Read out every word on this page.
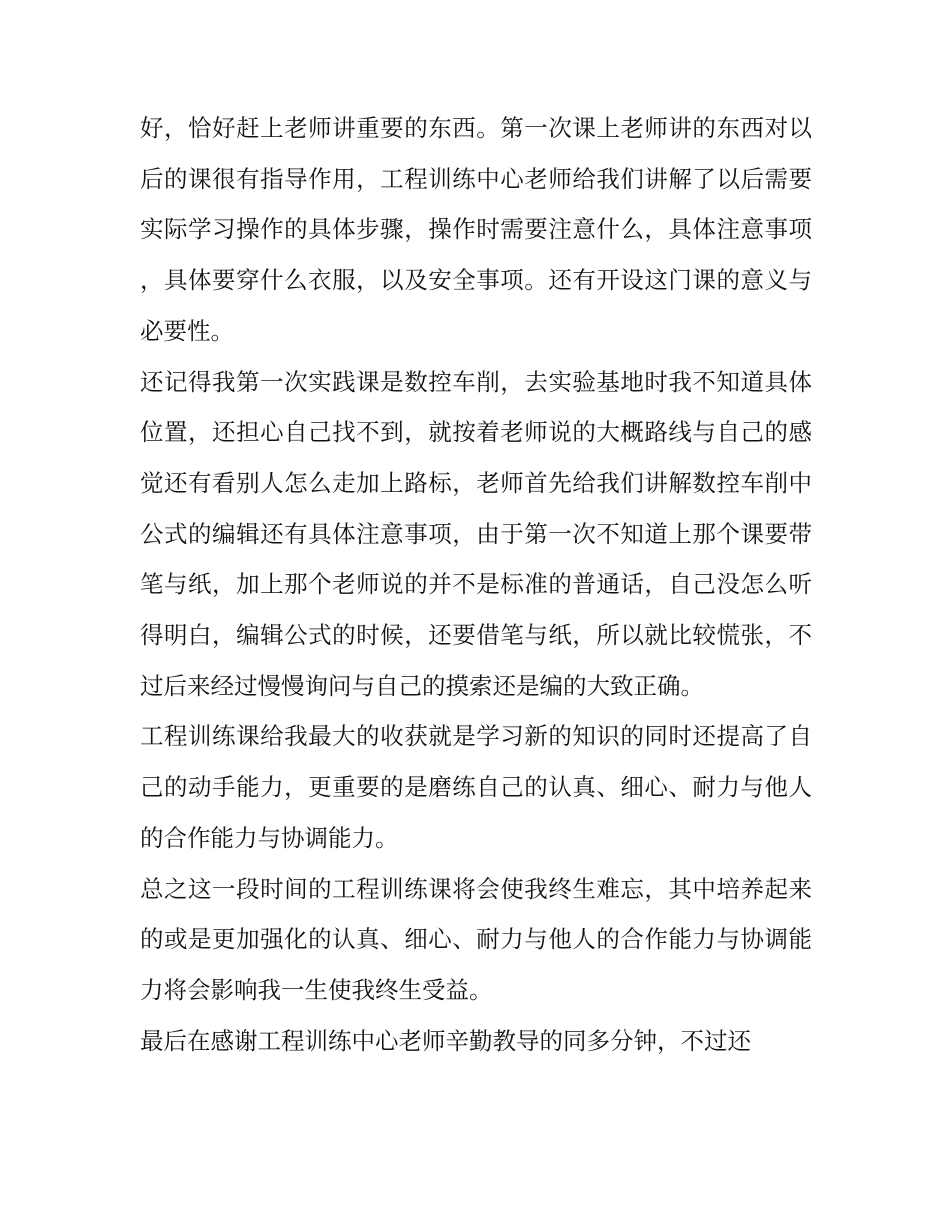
好，恰好赶上老师讲重要的东西。第一次课上老师讲的东西对以后的课很有指导作用，工程训练中心老师给我们讲解了以后需要实际学习操作的具体步骤，操作时需要注意什么，具体注意事项，具体要穿什么衣服，以及安全事项。还有开设这门课的意义与必要性。

还记得我第一次实践课是数控车削，去实验基地时我不知道具体位置，还担心自己找不到，就按着老师说的大概路线与自己的感觉还有看别人怎么走加上路标，老师首先给我们讲解数控车削中公式的编辑还有具体注意事项，由于第一次不知道上那个课要带笔与纸，加上那个老师说的并不是标准的普通话，自己没怎么听得明白，编辑公式的时候，还要借笔与纸，所以就比较慌张，不过后来经过慢慢询问与自己的摸索还是编的大致正确。

工程训练课给我最大的收获就是学习新的知识的同时还提高了自己的动手能力，更重要的是磨练自己的认真、细心、耐力与他人的合作能力与协调能力。

总之这一段时间的工程训练课将会使我终生难忘，其中培养起来的或是更加强化的认真、细心、耐力与他人的合作能力与协调能力将会影响我一生使我终生受益。

最后在感谢工程训练中心老师辛勤教导的同多分钟，不过还
